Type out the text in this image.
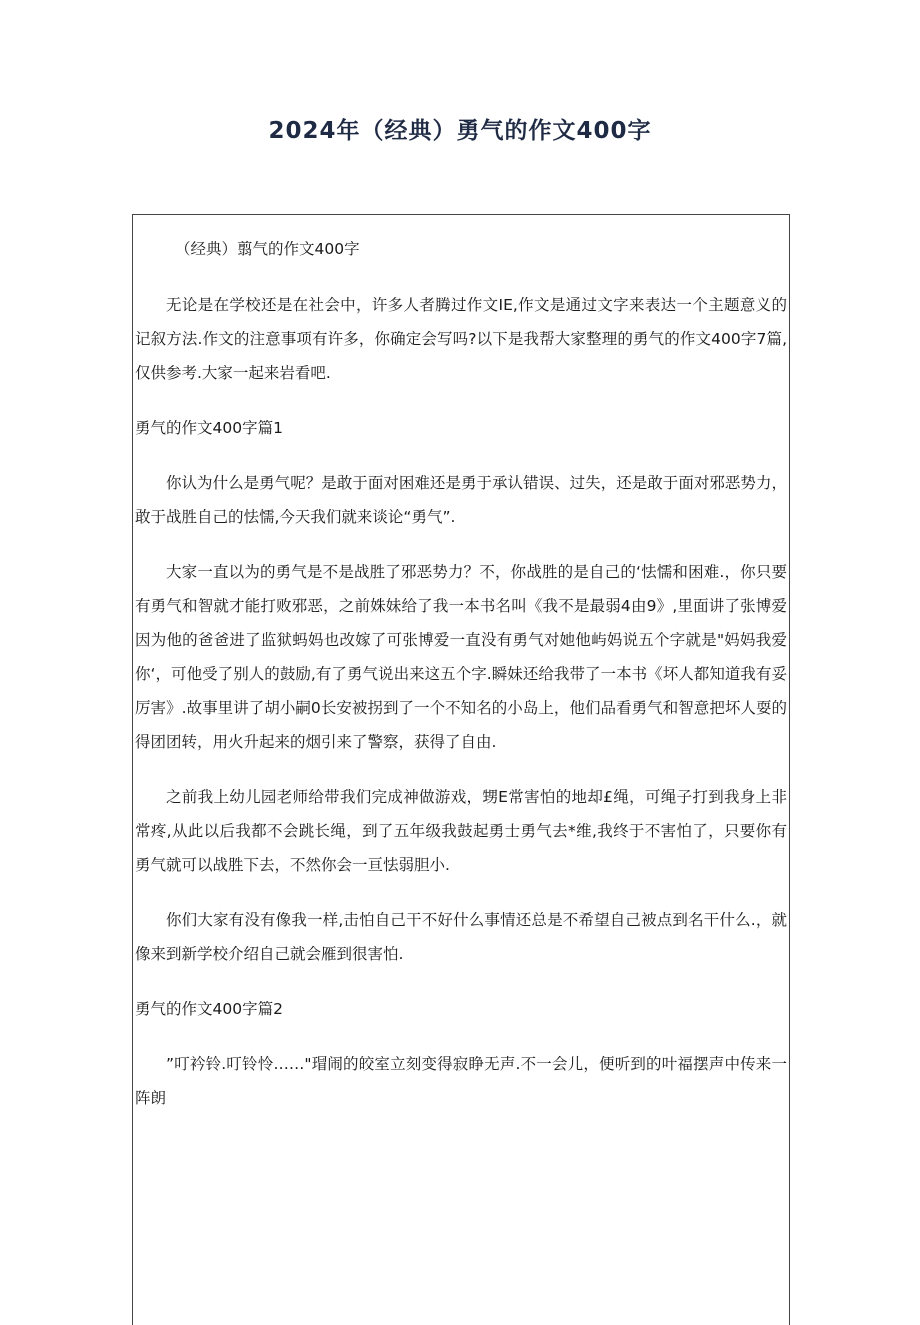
2024年（经典）勇气的作文400字

（经典）翦气的作文400字

无论是在学校还是在社会中，许多人者腾过作文IE,作文是通过文字来表达一个主题意义的记叙方法.作文的注意事项有许多，你确定会写吗?以下是我帮大家整理的勇气的作文400字7篇,仅供参考.大家一起来岩看吧.

勇气的作文400字篇1

你认为什么是勇气呢？是敢于面对困难还是勇于承认错误、过失，还是敢于面对邪恶势力，敢于战胜自己的怯懦,今天我们就来谈论“勇气”.

大家一直以为的勇气是不是战胜了邪恶势力？不，你战胜的是自己的‘怯懦和困难.，你只要有勇气和智就才能打败邪恶，之前姝妹给了我一本书名叫《我不是最弱4由9》,里面讲了张博爱因为他的爸爸进了监狱蚂妈也改嫁了可张博爱一直没有勇气对她他屿妈说五个字就是"妈妈我爱你‘，可他受了别人的鼓励,有了勇气说出来这五个字.瞬妹还给我带了一本书《坏人都知道我有妥厉害》.故事里讲了胡小嗣0长安被拐到了一个不知名的小岛上，他们品看勇气和智意把坏人耍的得团团转，用火升起来的烟引来了警察，获得了自由.

之前我上幼儿园老师给带我们完成神做游戏，甥E常害怕的地却£绳，可绳子打到我身上非常疼,从此以后我都不会跳长绳，到了五年级我鼓起勇士勇气去*维,我终于不害怕了，只要你有勇气就可以战胜下去，不然你会一亘怯弱胆小.

你们大家有没有像我一样,击怕自己干不好什么事情还总是不希望自己被点到名干什么.，就像来到新学校介绍自己就会雁到很害怕.

勇气的作文400字篇2

”叮衿铃.叮铃怜……"瑁闹的皎室立刻变得寂睁无声.不一会儿，便听到的叶福摆声中传来一阵朗
